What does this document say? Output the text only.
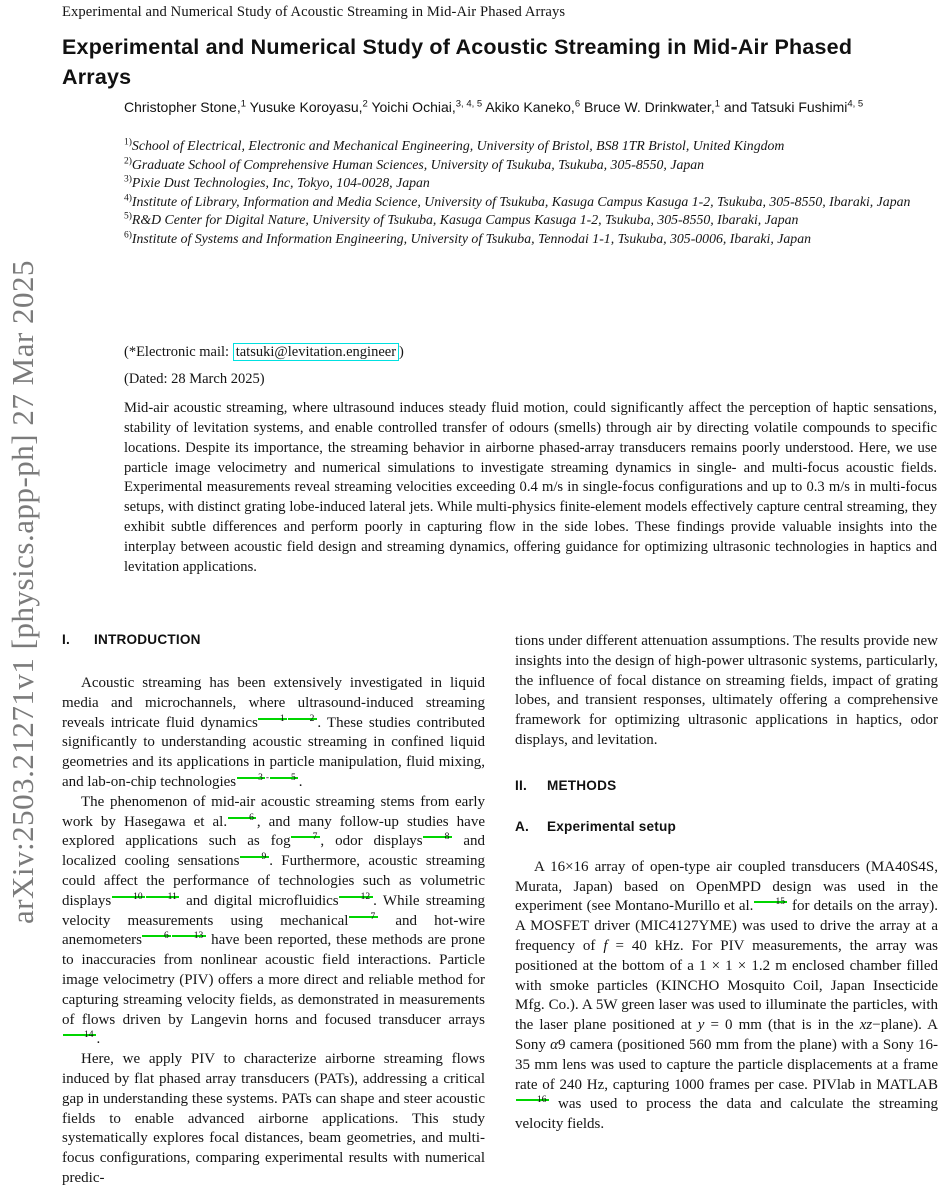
Experimental and Numerical Study of Acoustic Streaming in Mid-Air Phased Arrays
arXiv:2503.21271v1 [physics.app-ph] 27 Mar 2025
Experimental and Numerical Study of Acoustic Streaming in Mid-Air Phased Arrays
Christopher Stone,$^1$ Yusuke Koroyasu,$^2$ Yoichi Ochiai,$^{3, 4, 5}$ Akiko Kaneko,$^6$ Bruce W. Drinkwater,$^1$ and Tatsuki Fushimi$^{4, 5}$
$^{1)}$School of Electrical, Electronic and Mechanical Engineering, University of Bristol, BS8 1TR Bristol, United Kingdom
$^{2)}$Graduate School of Comprehensive Human Sciences, University of Tsukuba, Tsukuba, 305-8550, Japan
$^{3)}$Pixie Dust Technologies, Inc, Tokyo, 104-0028, Japan
$^{4)}$Institute of Library, Information and Media Science, University of Tsukuba, Kasuga Campus Kasuga 1-2, Tsukuba, 305-8550, Ibaraki, Japan
$^{5)}$R&D Center for Digital Nature, University of Tsukuba, Kasuga Campus Kasuga 1-2, Tsukuba, 305-8550, Ibaraki, Japan
$^{6)}$Institute of Systems and Information Engineering, University of Tsukuba, Tennodai 1-1, Tsukuba, 305-0006, Ibaraki, Japan
(*Electronic mail: tatsuki@levitation.engineer )
(Dated: 28 March 2025)
Mid-air acoustic streaming, where ultrasound induces steady fluid motion, could significantly affect the perception of haptic sensations, stability of levitation systems, and enable controlled transfer of odours (smells) through air by directing volatile compounds to specific locations. Despite its importance, the streaming behavior in airborne phased-array transducers remains poorly understood. Here, we use particle image velocimetry and numerical simulations to investigate streaming dynamics in single- and multi-focus acoustic fields. Experimental measurements reveal streaming velocities exceeding 0.4 m/s in single-focus configurations and up to 0.3 m/s in multi-focus setups, with distinct grating lobe-induced lateral jets. While multi-physics finite-element models effectively capture central streaming, they exhibit subtle differences and perform poorly in capturing flow in the side lobes. These findings provide valuable insights into the interplay between acoustic field design and streaming dynamics, offering guidance for optimizing ultrasonic technologies in haptics and levitation applications.
I. INTRODUCTION

Acoustic streaming has been extensively investigated in liquid media and microchannels, where ultrasound-induced streaming reveals intricate fluid dynamics $^{1 2}$ . These studies contributed significantly to understanding acoustic streaming in confined liquid geometries and its applications in particle manipulation, fluid mixing, and lab-on-chip technologies $^{3 - 5}$ .

The phenomenon of mid-air acoustic streaming stems from early work by Hasegawa et al. $^6$ , and many follow-up studies have explored applications such as fog $^7$ , odor displays $^8$ and localized cooling sensations $^9$ . Furthermore, acoustic streaming could affect the performance of technologies such as volumetric displays $^{10 11}$ and digital microfluidics $^{12}$ . While streaming velocity measurements using mechanical $^7$ and hot-wire anemometers $^{6 13}$ have been reported, these methods are prone to inaccuracies from nonlinear acoustic field interactions. Particle image velocimetry (PIV) offers a more direct and reliable method for capturing streaming velocity fields, as demonstrated in measurements of flows driven by Langevin horns and focused transducer arrays$^{14}$ .

Here, we apply PIV to characterize airborne streaming flows induced by flat phased array transducers (PATs), addressing a critical gap in understanding these systems. PATs can shape and steer acoustic fields to enable advanced airborne applications. This study systematically explores focal distances, beam geometries, and multi-focus configurations, comparing experimental results with numerical predic-

tions under different attenuation assumptions. The results provide new insights into the design of high-power ultrasonic systems, particularly, the influence of focal distance on streaming fields, impact of grating lobes, and transient responses, ultimately offering a comprehensive framework for optimizing ultrasonic applications in haptics, odor displays, and levitation.

II. METHODS
A. Experimental setup

A 16×16 array of open-type air coupled transducers (MA40S4S, Murata, Japan) based on OpenMPD design was used in the experiment (see Montano-Murillo et al. $^{15}$ for details on the array). A MOSFET driver (MIC4127YME) was used to drive the array at a frequency of f = 40 kHz. For PIV measurements, the array was positioned at the bottom of a 1 × 1 × 1.2 m enclosed chamber filled with smoke particles (KINCHO Mosquito Coil, Japan Insecticide Mfg. Co.). A 5W green laser was used to illuminate the particles, with the laser plane positioned at y = 0 mm (that is in the xz−plane). A Sony α9 camera (positioned 560 mm from the plane) with a Sony 16-35 mm lens was used to capture the particle displacements at a frame rate of 240 Hz, capturing 1000 frames per case. PIVlab in MATLAB$^{16}$ was used to process the data and calculate the streaming velocity fields.
